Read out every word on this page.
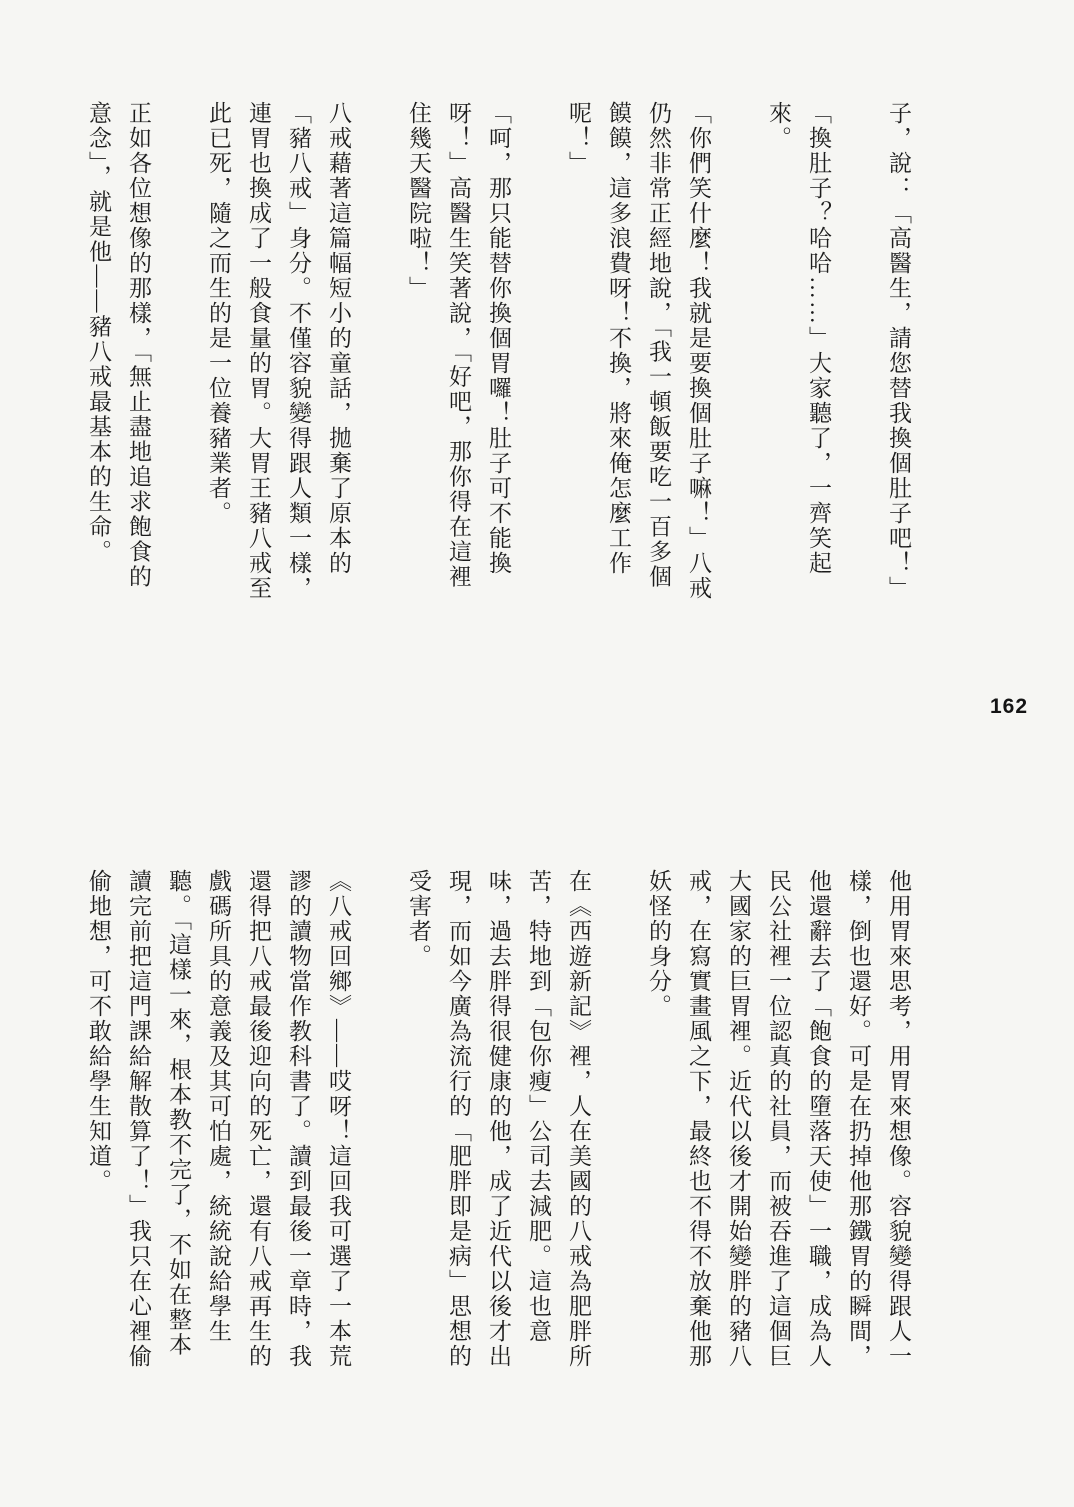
子，說：「高醫生，請您替我換個肚子吧！」

「換肚子？哈哈……」大家聽了，一齊笑起來。

「你們笑什麼！我就是要換個肚子嘛！」八戒仍然非常正經地說，「我一頓飯要吃一百多個饃饃，這多浪費呀！不換，將來俺怎麼工作呢！」

「呵，那只能替你換個胃囉！肚子可不能換呀！」高醫生笑著說，「好吧，那你得在這裡住幾天醫院啦！」

八戒藉著這篇幅短小的童話，拋棄了原本的「豬八戒」身分。不僅容貌變得跟人類一樣，連胃也換成了一般食量的胃。大胃王豬八戒至此已死，隨之而生的是一位養豬業者。

正如各位想像的那樣，「無止盡地追求飽食的意念」，就是他——豬八戒最基本的生命。

162

他用胃來思考，用胃來想像。容貌變得跟人一樣，倒也還好。可是在扔掉他那鐵胃的瞬間，他還辭去了「飽食的墮落天使」一職，成為人民公社裡一位認真的社員，而被吞進了這個巨大國家的巨胃裡。近代以後才開始變胖的豬八戒，在寫實畫風之下，最終也不得不放棄他那妖怪的身分。

在《西遊新記》裡，人在美國的八戒為肥胖所苦，特地到「包你瘦」公司去減肥。這也意味，過去胖得很健康的他，成了近代以後才出現，而如今廣為流行的「肥胖即是病」思想的受害者。

《八戒回鄉》——哎呀！這回我可選了一本荒謬的讀物當作教科書了。讀到最後一章時，我還得把八戒最後迎向的死亡，還有八戒再生的戲碼所具的意義及其可怕處，統統說給學生聽。「這樣一來，根本教不完了，不如在整本讀完前把這門課給解散算了！」我只在心裡偷偷地想，可不敢給學生知道。
